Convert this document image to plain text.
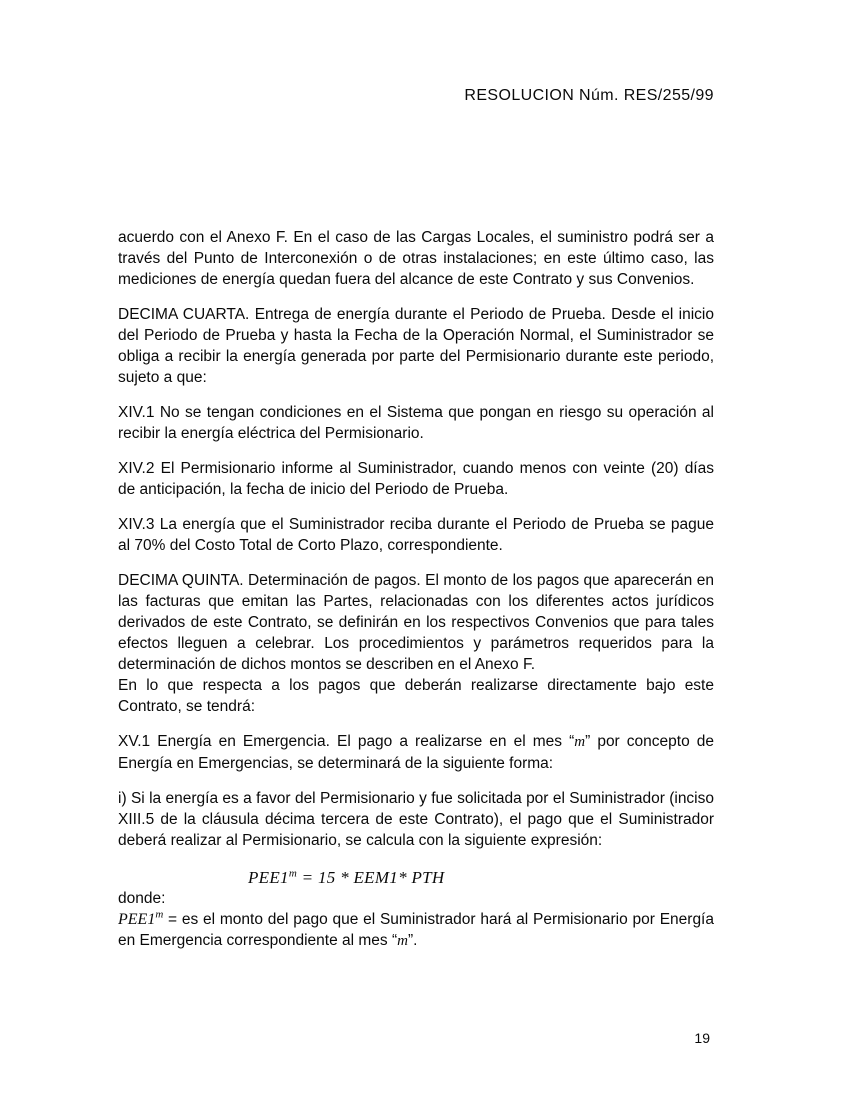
RESOLUCION Núm. RES/255/99

acuerdo con el Anexo F. En el caso de las Cargas Locales, el suministro podrá ser a través del Punto de Interconexión o de otras instalaciones; en este último caso, las mediciones de energía quedan fuera del alcance de este Contrato y sus Convenios.

DECIMA CUARTA. Entrega de energía durante el Periodo de Prueba. Desde el inicio del Periodo de Prueba y hasta la Fecha de la Operación Normal, el Suministrador se obliga a recibir la energía generada por parte del Permisionario durante este periodo, sujeto a que:

XIV.1 No se tengan condiciones en el Sistema que pongan en riesgo su operación al recibir la energía eléctrica del Permisionario.

XIV.2 El Permisionario informe al Suministrador, cuando menos con veinte (20) días de anticipación, la fecha de inicio del Periodo de Prueba.

XIV.3 La energía que el Suministrador reciba durante el Periodo de Prueba se pague al 70% del Costo Total de Corto Plazo, correspondiente.

DECIMA QUINTA. Determinación de pagos. El monto de los pagos que aparecerán en las facturas que emitan las Partes, relacionadas con los diferentes actos jurídicos derivados de este Contrato, se definirán en los respectivos Convenios que para tales efectos lleguen a celebrar. Los procedimientos y parámetros requeridos para la determinación de dichos montos se describen en el Anexo F.

En lo que respecta a los pagos que deberán realizarse directamente bajo este Contrato, se tendrá:

XV.1 Energía en Emergencia. El pago a realizarse en el mes “m” por concepto de Energía en Emergencias, se determinará de la siguiente forma:

i) Si la energía es a favor del Permisionario y fue solicitada por el Suministrador (inciso XIII.5 de la cláusula décima tercera de este Contrato), el pago que el Suministrador deberá realizar al Permisionario, se calcula con la siguiente expresión:

$PEE1^m = 15 * EEM1*$ PTH

donde:

$PEE1^m$ = es el monto del pago que el Suministrador hará al Permisionario por Energía en Emergencia correspondiente al mes “m”.

19
